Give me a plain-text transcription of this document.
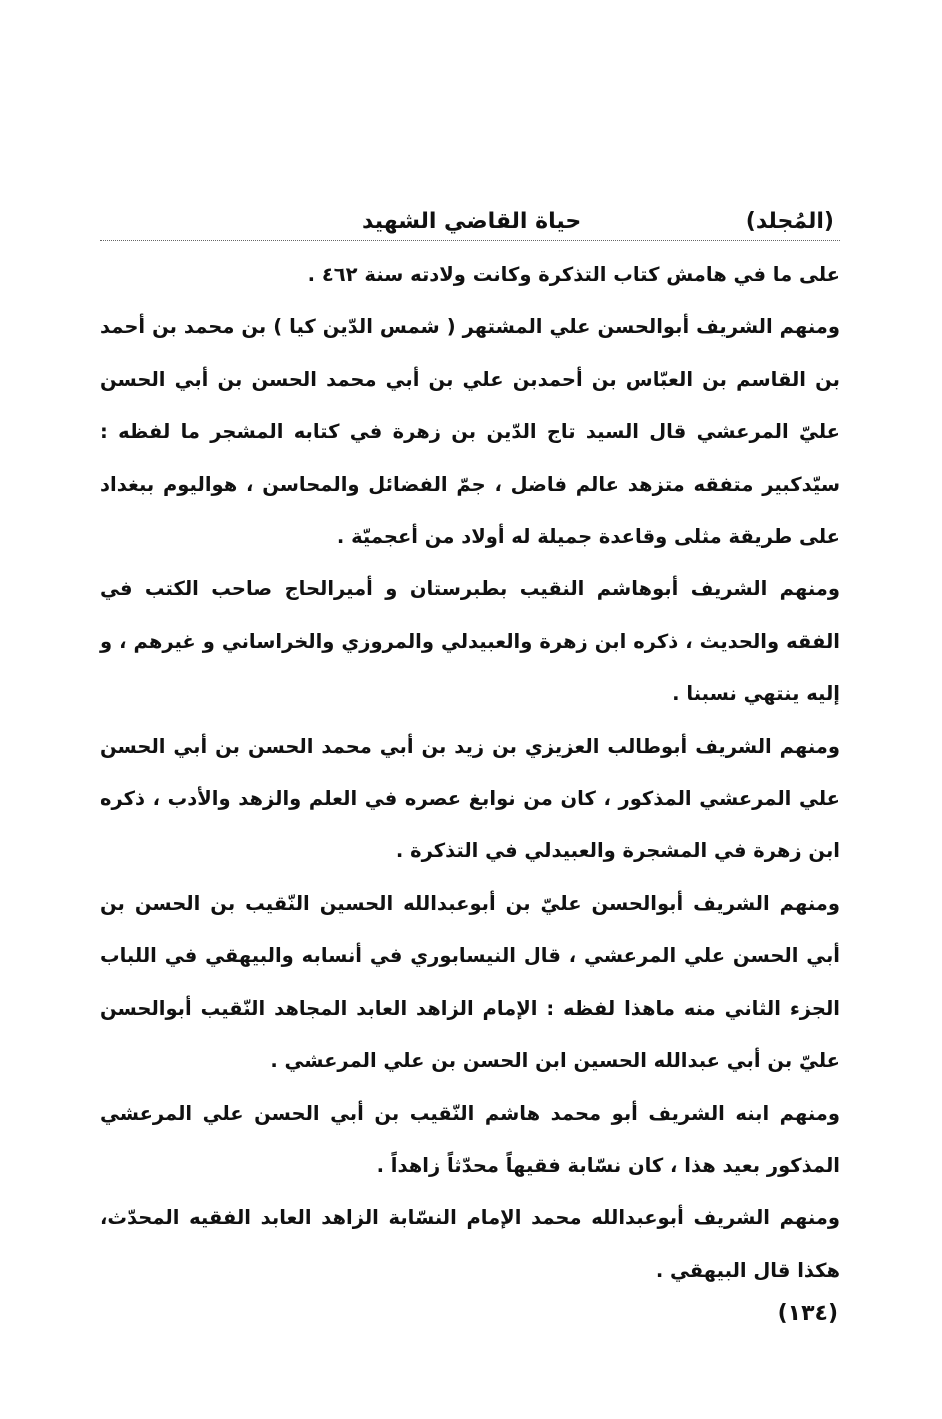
(المُجلد)
حياة القاضي الشهيد

على ما في هامش كتاب التذكرة وكانت ولادته سنة ٤٦٢ .

ومنهم الشريف أبوالحسن علي المشتهر ( شمس الدّين كيا ) بن محمد بن أحمد بن القاسم بن العبّاس بن أحمدبن علي بن أبي محمد الحسن بن أبي الحسن عليّ المرعشي قال السيد تاج الدّين بن زهرة في كتابه المشجر ما لفظه : سيّدكبير متفقه متزهد عالم فاضل ، جمّ الفضائل والمحاسن ، هواليوم ببغداد على طريقة مثلى وقاعدة جميلة له أولاد من أعجميّة .

ومنهم الشريف أبوهاشم النقيب بطبرستان و أميرالحاج صاحب الكتب في الفقه والحديث ، ذكره ابن زهرة والعبيدلي والمروزي والخراساني و غيرهم ، و إليه ينتهي نسبنا .

ومنهم الشريف أبوطالب العزيزي بن زيد بن أبي محمد الحسن بن أبي الحسن علي المرعشي المذكور ، كان من نوابغ عصره في العلم والزهد والأدب ، ذكره ابن زهرة في المشجرة والعبيدلي في التذكرة .

ومنهم الشريف أبوالحسن عليّ بن أبوعبدالله الحسين النّقيب بن الحسن بن أبي الحسن علي المرعشي ، قال النيسابوري في أنسابه والبيهقي في اللباب الجزء الثاني منه ماهذا لفظه : الإمام الزاهد العابد المجاهد النّقيب أبوالحسن عليّ بن أبي عبدالله الحسين ابن الحسن بن علي المرعشي .

ومنهم ابنه الشريف أبو محمد هاشم النّقيب بن أبي الحسن علي المرعشي المذكور بعيد هذا ، كان نسّابة فقيهاً محدّثاً زاهداً .

ومنهم الشريف أبوعبدالله محمد الإمام النسّابة الزاهد العابد الفقيه المحدّث، هكذا قال البيهقي .

(١٣٤)
